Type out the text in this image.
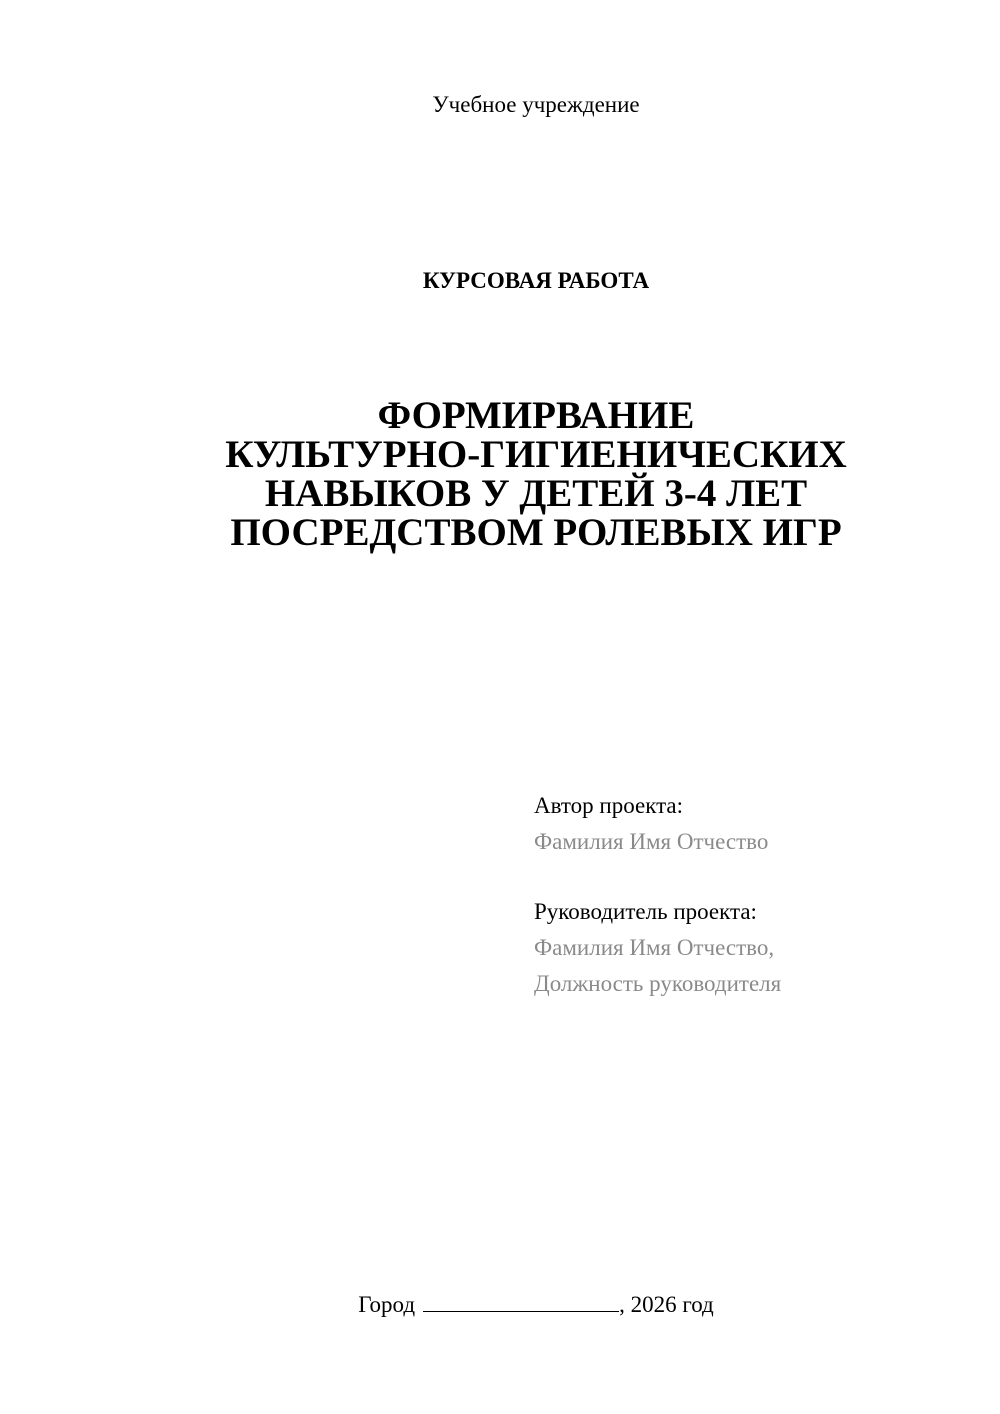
Учебное учреждение
КУРСОВАЯ РАБОТА
ФОРМИРВАНИЕ
КУЛЬТУРНО-ГИГИЕНИЧЕСКИХ
НАВЫКОВ У ДЕТЕЙ 3-4 ЛЕТ
ПОСРЕДСТВОМ РОЛЕВЫХ ИГР
Автор проекта:
Фамилия Имя Отчество
Руководитель проекта:
Фамилия Имя Отчество,
Должность руководителя
Город	, 2026 год
